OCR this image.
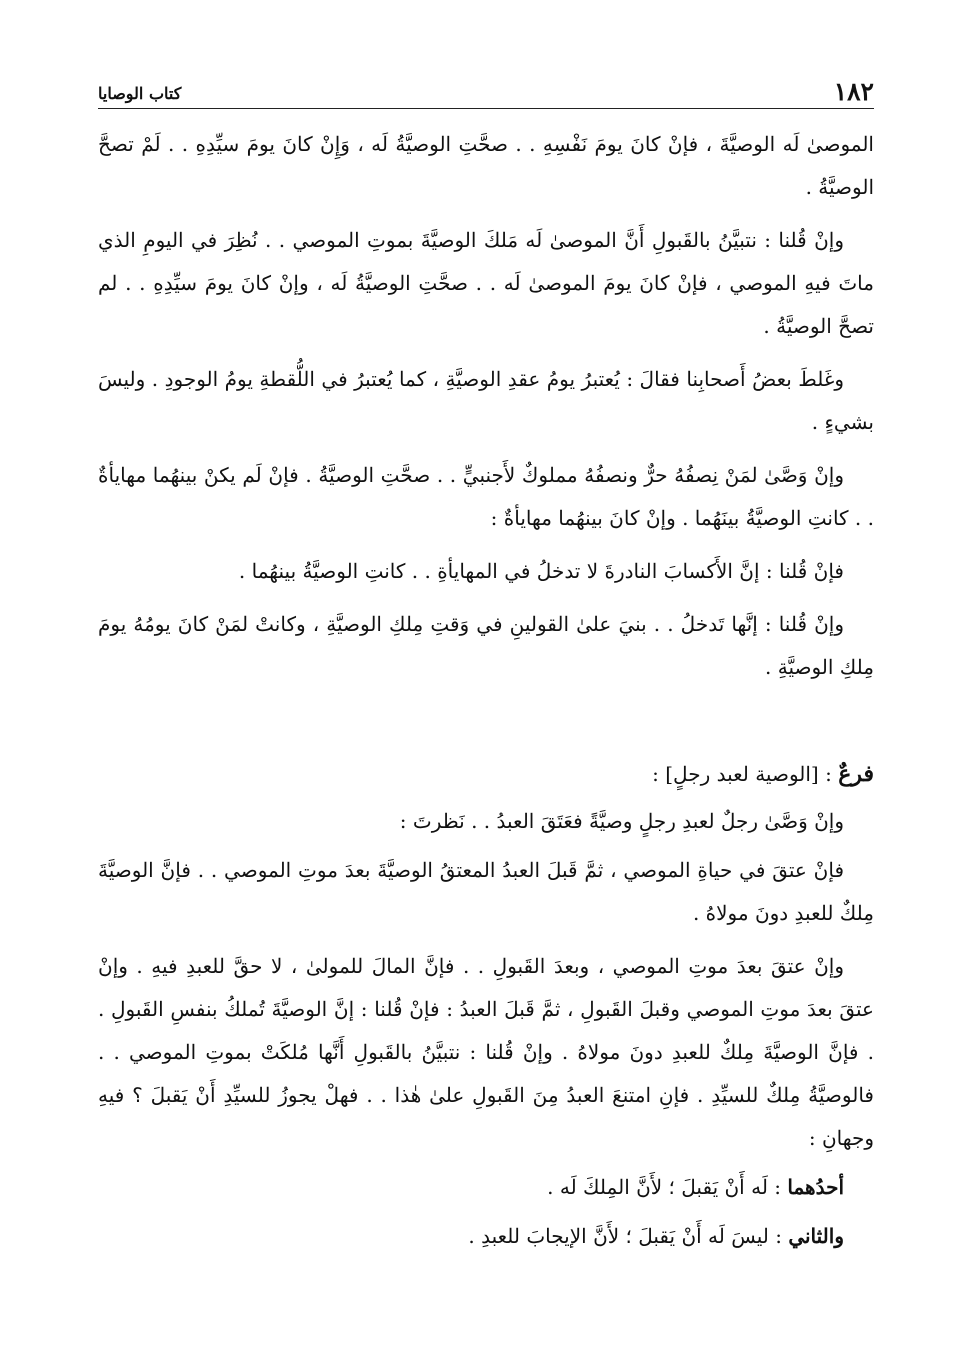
١٨٢
كتاب الوصايا

الموصىٰ لَه الوصيَّةَ ، فإنْ كانَ يومَ نَفْسِهِ . . صحَّتِ الوصيَّةُ لَه ، وَإِنْ كانَ يومَ سيِّدِهِ . . لَمْ تصحَّ الوصيَّةُ .

وإنْ قُلنا : نتبيَّنُ بالقَبولِ أَنَّ الموصىٰ لَه مَلكَ الوصيَّةَ بموتِ الموصي . . نُظِرَ في اليومِ الذي ماتَ فيهِ الموصي ، فإنْ كانَ يومَ الموصىٰ لَه . . صحَّتِ الوصيَّةُ لَه ، وإنْ كانَ يومَ سيِّدِهِ . . لم تصحَّ الوصيَّةُ .

وغَلطَ بعضُ أَصحابِنا فقالَ : يُعتبرُ يومُ عقدِ الوصيَّةِ ، كما يُعتبرُ في اللُّقطةِ يومُ الوجودِ . وليسَ بشيءٍ .

وإنْ وَصَّىٰ لمَنْ نِصفُهُ حرٌّ ونصفُهُ مملوكٌ لأَجنبيٍّ . . صحَّتِ الوصيَّةُ . فإنْ لَم يكنْ بينهُما مهايأةٌ . . كانتِ الوصيَّةُ بينَهُما . وإنْ كانَ بينهُما مهايأةٌ :

فإنْ قُلنا : إنَّ الأَكسابَ النادرةَ لا تدخلُ في المهايأةِ . . كانتِ الوصيَّةُ بينهُما .

وإنْ قُلنا : إنَّها تَدخلُ . . بنيَ علىٰ القولينِ في وَقتِ مِلكِ الوصيَّةِ ، وكانتْ لمَنْ كانَ يومُهُ يومَ مِلكِ الوصيَّةِ .

فرعٌ : [الوصية لعبد رجلٍ] :

وإنْ وَصَّىٰ رجلٌ لعبدِ رجلٍ وصيَّةً فعَتَقَ العبدُ . . نَظرتَ :

فإنْ عتقَ في حياةِ الموصي ، ثمَّ قَبلَ العبدُ المعتقُ الوصيَّةَ بعدَ موتِ الموصي . . فإنَّ الوصيَّةَ مِلكٌ للعبدِ دونَ مولاهُ .

وإنْ عتقَ بعدَ موتِ الموصي ، وبعدَ القَبولِ . . فإنَّ المالَ للمولىٰ ، لا حقَّ للعبدِ فيهِ . وإنْ عتقَ بعدَ موتِ الموصي وقبلَ القَبولِ ، ثمَّ قَبلَ العبدُ : فإنْ قُلنا : إنَّ الوصيَّةَ تُملكُ بنفسِ القَبولِ . . فإنَّ الوصيَّةَ مِلكٌ للعبدِ دونَ مولاهُ . وإنْ قُلنا : نتبيَّنُ بالقَبولِ أَنَّها مُلكَتْ بموتِ الموصي . . فالوصيَّةُ مِلكٌ للسيِّدِ . فإنِ امتنعَ العبدُ مِنَ القَبولِ علىٰ هٰذا . . فهلْ يجوزُ للسيِّدِ أَنْ يَقبلَ ؟ فيهِ وجهانِ :

أحدُهما : لَه أَنْ يَقبلَ ؛ لأَنَّ المِلكَ لَه .

والثاني : ليسَ لَه أَنْ يَقبلَ ؛ لأَنَّ الإيجابَ للعبدِ .
